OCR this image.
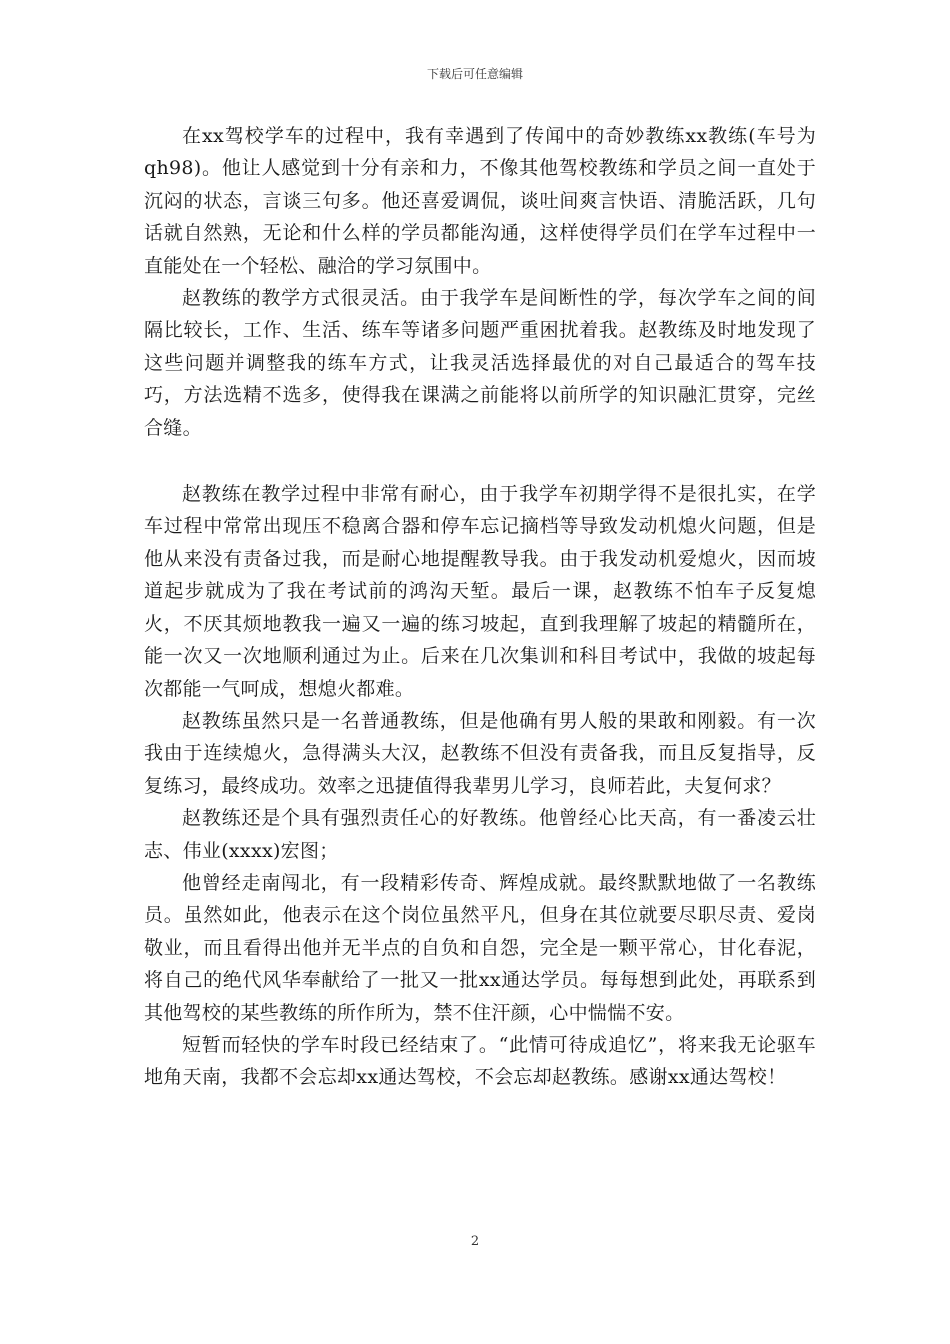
下载后可任意编辑

在xx驾校学车的过程中，我有幸遇到了传闻中的奇妙教练xx教练(车号为qh98)。他让人感觉到十分有亲和力，不像其他驾校教练和学员之间一直处于沉闷的状态，言谈三句多。他还喜爱调侃，谈吐间爽言快语、清脆活跃，几句话就自然熟，无论和什么样的学员都能沟通，这样使得学员们在学车过程中一直能处在一个轻松、融洽的学习氛围中。

赵教练的教学方式很灵活。由于我学车是间断性的学，每次学车之间的间隔比较长，工作、生活、练车等诸多问题严重困扰着我。赵教练及时地发现了这些问题并调整我的练车方式，让我灵活选择最优的对自己最适合的驾车技巧，方法选精不选多，使得我在课满之前能将以前所学的知识融汇贯穿，完丝合缝。

赵教练在教学过程中非常有耐心，由于我学车初期学得不是很扎实，在学车过程中常常出现压不稳离合器和停车忘记摘档等导致发动机熄火问题，但是他从来没有责备过我，而是耐心地提醒教导我。由于我发动机爱熄火，因而坡道起步就成为了我在考试前的鸿沟天堑。最后一课，赵教练不怕车子反复熄火，不厌其烦地教我一遍又一遍的练习坡起，直到我理解了坡起的精髓所在，能一次又一次地顺利通过为止。后来在几次集训和科目考试中，我做的坡起每次都能一气呵成，想熄火都难。

赵教练虽然只是一名普通教练，但是他确有男人般的果敢和刚毅。有一次我由于连续熄火，急得满头大汉，赵教练不但没有责备我，而且反复指导，反复练习，最终成功。效率之迅捷值得我辈男儿学习，良师若此，夫复何求？

赵教练还是个具有强烈责任心的好教练。他曾经心比天高，有一番凌云壮志、伟业(xxxx)宏图；

他曾经走南闯北，有一段精彩传奇、辉煌成就。最终默默地做了一名教练员。虽然如此，他表示在这个岗位虽然平凡，但身在其位就要尽职尽责、爱岗敬业，而且看得出他并无半点的自负和自怨，完全是一颗平常心，甘化春泥，将自己的绝代风华奉献给了一批又一批xx通达学员。每每想到此处，再联系到其他驾校的某些教练的所作所为，禁不住汗颜，心中惴惴不安。

短暂而轻快的学车时段已经结束了。“此情可待成追忆”，将来我无论驱车地角天南，我都不会忘却xx通达驾校，不会忘却赵教练。感谢xx通达驾校！

2
